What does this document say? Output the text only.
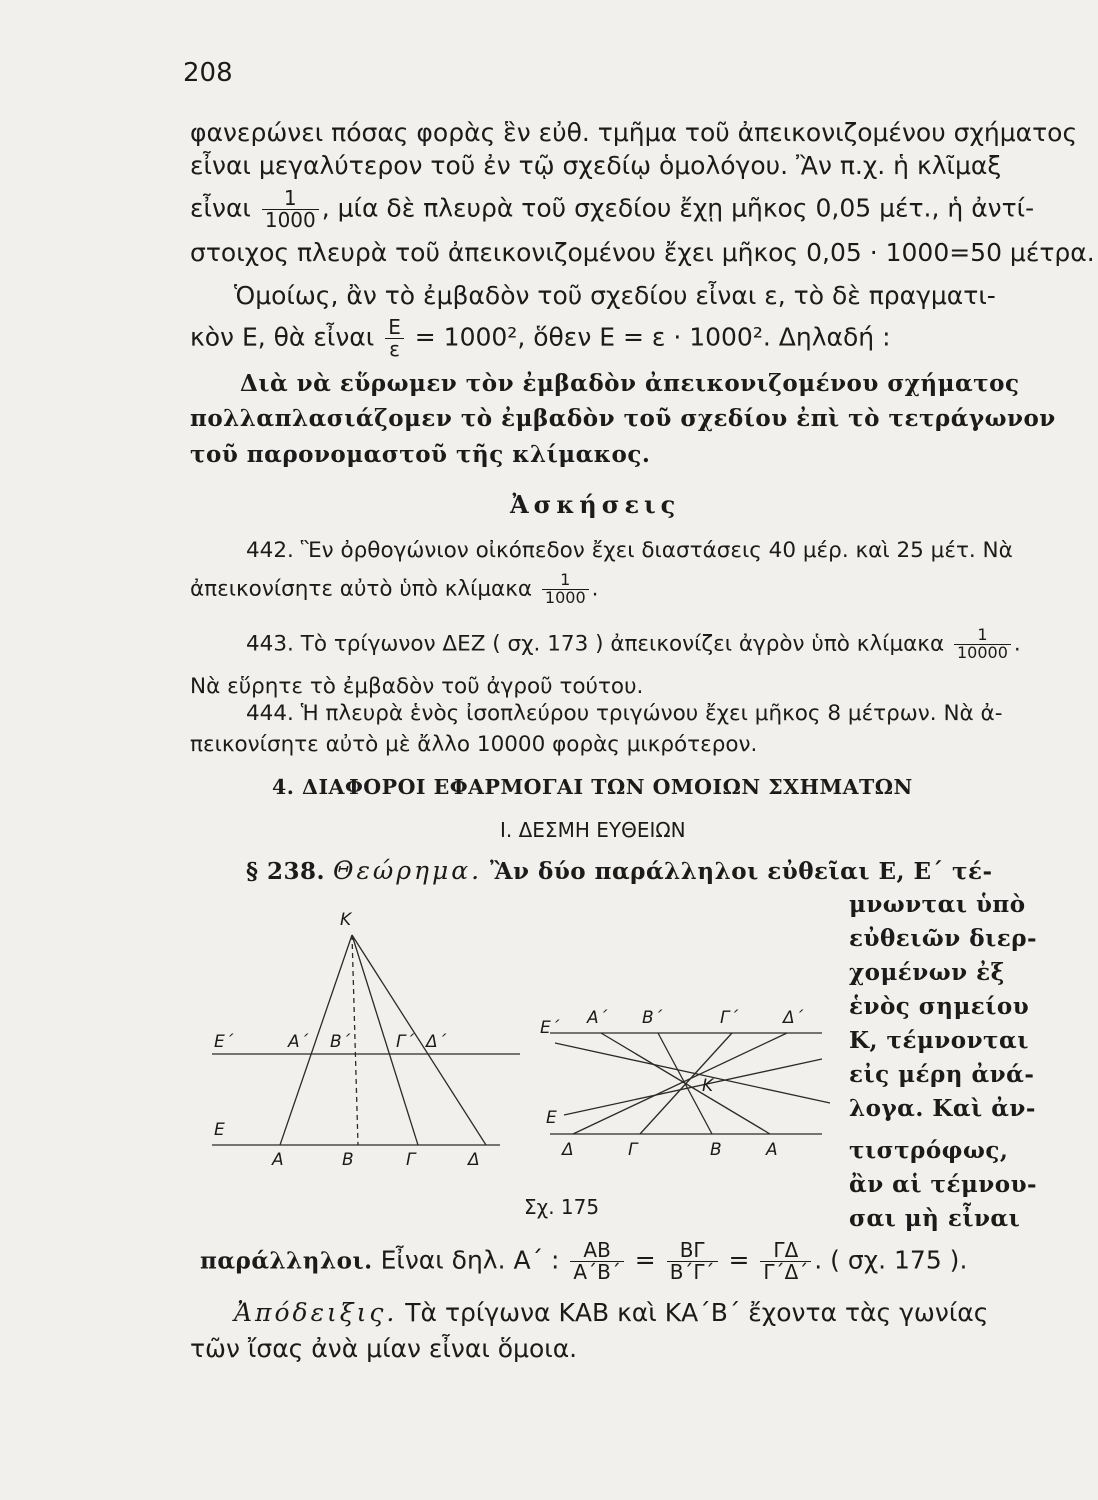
208
φανερώνει πόσας φορὰς ἓν εὐθ. τμῆμα τοῦ ἀπεικονιζομένου σχήματος
εἶναι μεγαλύτερον τοῦ ἐν τῷ σχεδίῳ ὁμολόγου. Ἂν π.χ. ἡ κλῖμαξ
εἶναι $\frac{1}{1000}$ , μία δὲ πλευρὰ τοῦ σχεδίου ἔχῃ μῆκος 0,05 μέτ., ἡ ἀντί-
στοιχος πλευρὰ τοῦ ἀπεικονιζομένου ἔχει μῆκος 0,05 · 1000=50 μέτρα.
Ὁμοίως, ἂν τὸ ἐμβαδὸν τοῦ σχεδίου εἶναι ε, τὸ δὲ πραγματι-
κὸν Ε, θὰ εἶναι $\frac{E}{\varepsilon} = 1000^2$, ὅθεν Ε = ε · 1000². Δηλαδή :
Διὰ νὰ εὕρωμεν τὸν ἐμβαδὸν ἀπεικονιζομένου σχήματος
πολλαπλασιάζομεν τὸ ἐμβαδὸν τοῦ σχεδίου ἐπὶ τὸ τετράγωνον
τοῦ παρονομαστοῦ τῆς κλίμακος.
Ἀσκήσεις
442. Ἓν ὀρθογώνιον οἰκόπεδον ἔχει διαστάσεις 40 μέρ. καὶ 25 μέτ. Νὰ
ἀπεικονίσητε αὐτὸ ὑπὸ κλίμακα $\frac{1}{1000}$ .
443. Τὸ τρίγωνον ΔΕΖ ( σχ. 173 ) ἀπεικονίζει ἀγρὸν ὑπὸ κλίμακα $\frac{1}{10000}$ .
Νὰ εὕρητε τὸ ἐμβαδὸν τοῦ ἀγροῦ τούτου.
444. Ἡ πλευρὰ ἑνὸς ἰσοπλεύρου τριγώνου ἔχει μῆκος 8 μέτρων. Νὰ ἀ-
πεικονίσητε αὐτὸ μὲ ἄλλο 10000 φορὰς μικρότερον.
4. ΔΙΑΦΟΡΟΙ ΕΦΑΡΜΟΓΑΙ ΤΩΝ ΟΜΟΙΩΝ ΣΧΗΜΑΤΩΝ
Ι. ΔΕΣΜΗ ΕΥΘΕΙΩΝ
§ 238. Θεώρημα. Ἂν δύο παράλληλοι εὐθεῖαι Ε, Ε΄ τέ-
μνωνται ὑπὸ
εὐθειῶν διερ-
χομένων ἐξ
ἑνὸς σημείου
Κ, τέμνονται
εἰς μέρη ἀνά-
λογα. Καὶ ἀν-
τιστρόφως,
ἂν αἱ τέμνου-
σαι μὴ εἶναι
Κ
Ε΄	Α΄ Β΄	Γ΄ Δ΄
Ε
Α	Β	Γ	Δ
Ε΄ Α΄ Β΄	Γ΄	Δ΄
Κ
Ε
Δ	Γ	Β	Α
Σχ. 175
παράλληλοι. Εἶναι δηλ. Α΄ : $\frac{AB}{A΄B΄} = \frac{B\Gamma}{B΄\Gamma΄} = \frac{\Gamma\Delta}{\Gamma΄\Delta΄}$ . ( σχ. 175 ).
Ἀπόδειξις. Τὰ τρίγωνα ΚΑΒ καὶ ΚΑ΄Β΄ ἔχοντα τὰς γωνίας
τῶν ἴσας ἀνὰ μίαν εἶναι ὅμοια.
